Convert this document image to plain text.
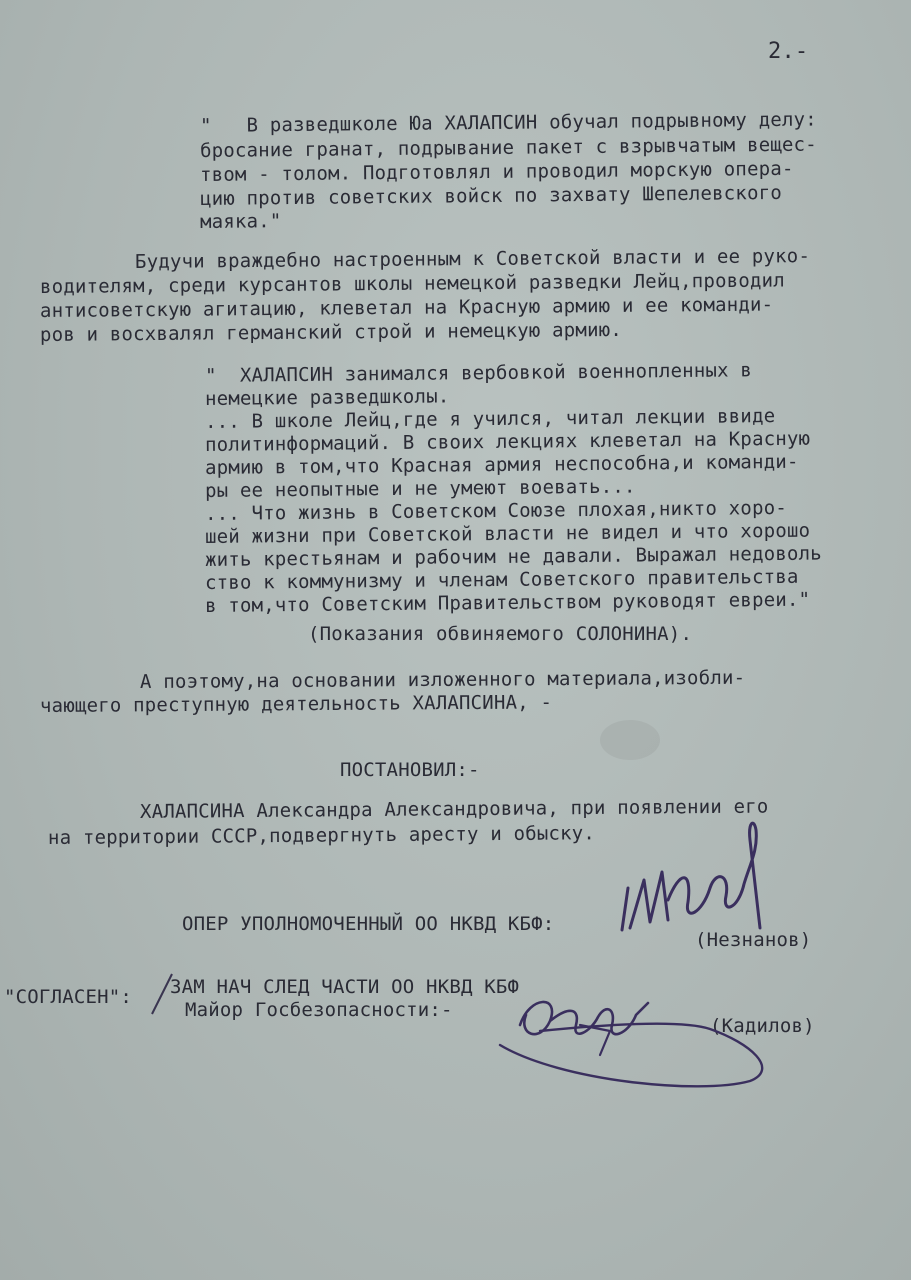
2.-
"   В разведшколе Юа ХАЛАПСИН обучал подрывному делу:
бросание гранат, подрывание пакет с взрывчатым вещес-
твом - толом. Подготовлял и проводил морскую опера-
цию против советских войск по захвату Шепелевского
маяка."
Будучи враждебно настроенным к Советской власти и ее руко-
водителям, среди курсантов школы немецкой разведки Лейц,проводил
антисоветскую агитацию, клеветал на Красную армию и ее команди-
ров и восхвалял германский строй и немецкую армию.
"  ХАЛАПСИН занимался вербовкой военнопленных в
немецкие разведшколы.
... В школе Лейц,где я учился, читал лекции ввиде
политинформаций. В своих лекциях клеветал на Красную
армию в том,что Красная армия неспособна,и команди-
ры ее неопытные и не умеют воевать...
... Что жизнь в Советском Союзе плохая,никто хоро-
шей жизни при Советской власти не видел и что хорошо
жить крестьянам и рабочим не давали. Выражал недоволь
ство к коммунизму и членам Советского правительства
в том,что Советским Правительством руководят евреи."
(Показания обвиняемого СОЛОНИНА).
А поэтому,на основании изложенного материала,изобли-
чающего преступную деятельность ХАЛАПСИНА, -
ПОСТАНОВИЛ:-
ХАЛАПСИНА Александра Александровича, при появлении его
на территории СССР,подвергнуть аресту и обыску.
ОПЕР УПОЛНОМОЧЕННЫЙ ОО НКВД КБФ:
(Незнанов)
"СОГЛАСЕН": ЗАМ НАЧ СЛЕД ЧАСТИ ОО НКВД КБФ
Майор Госбезопасности:-
(Кадилов)
